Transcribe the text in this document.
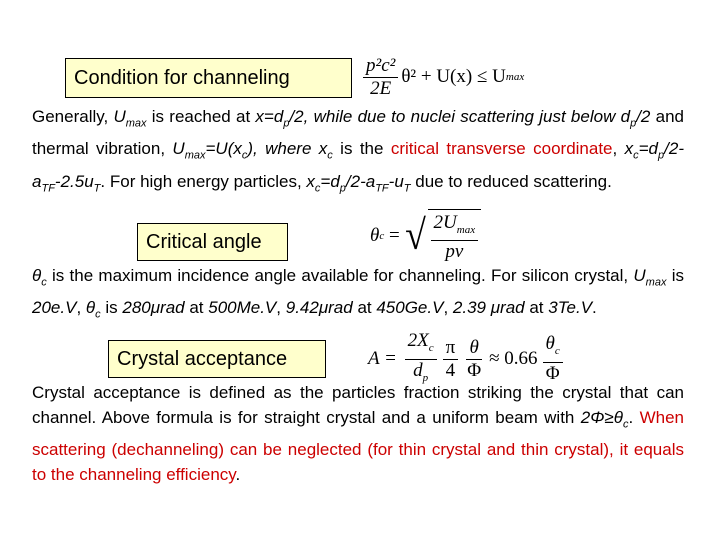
Condition for channeling	$\frac{\text{p²c²}}{2E} \theta^2 + U(x) \le U$ max

Generally, $U_{max}$ is reached at $x=d_p/2$, while due to nuclei scattering just below $d_p/2$ and thermal vibration, $U_{max}=U(x_c)$, where $x_c$ is the critical transverse coordinate, $x_c=d_p/2-a_{TF}-2.5u_T$. For high energy particles, $x_c=d_p/2-a_{TF}-u_T$ due to reduced scattering.

Critical angle	θ c = √ $\frac{2U_{max}}{pv}$

$\theta_c$ is the maximum incidence angle available for channeling. For silicon crystal, $U_{max}$ is 20e.V, $\theta_c$ is 280μrad at 500Me.V, 9.42μrad at 450Ge.V, 2.39 μrad at 3Te.V.

Crystal acceptance	$A = \frac{2X_c}{d_p} \frac{\pi}{4} \frac{\theta}{\Phi} \approx 0.66 \frac{\theta_c}{\Phi}$

Crystal acceptance is defined as the particles fraction striking the crystal that can channel. Above formula is for straight crystal and a uniform beam with $2\Phi\ge\theta_c$. When scattering (dechanneling) can be neglected (for thin crystal and thin crystal), it equals to the channeling efficiency.
